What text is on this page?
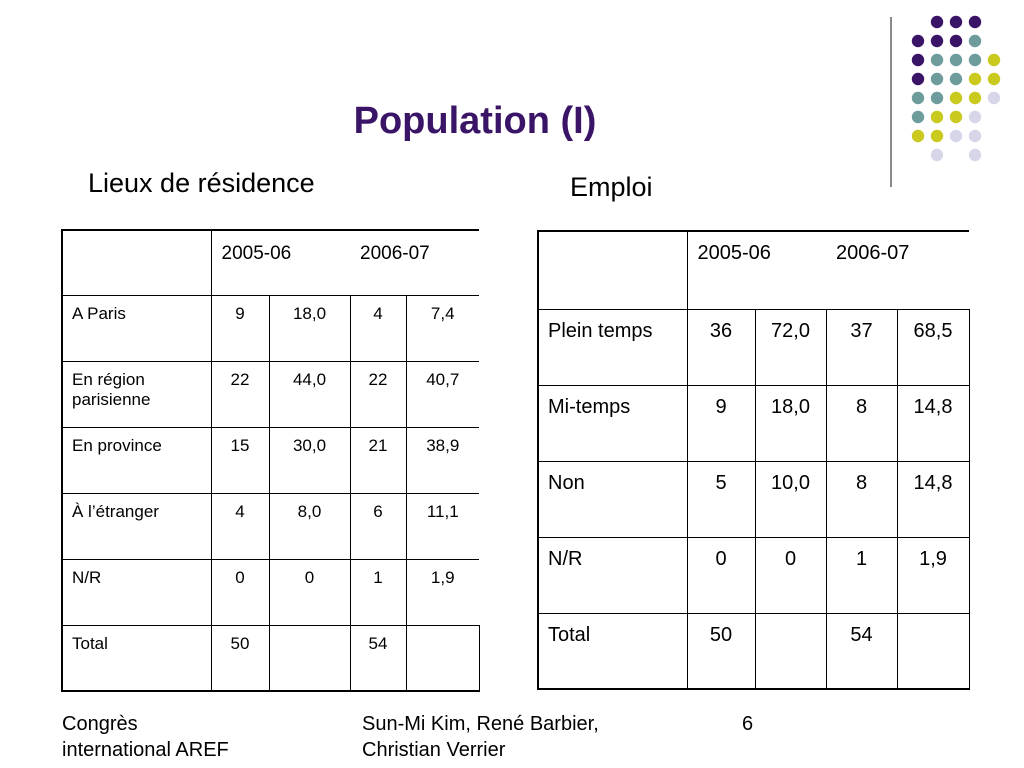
Population (I)
Lieux de résidence	Emploi
	2005-06		2006-07	
A Paris	9	18,0	4	7,4
En région parisienne	22	44,0	22	40,7
En province	15	30,0	21	38,9
À l’étranger	4	8,0	6	11,1
N/R	0	0	1	1,9
Total	50		54	
	2005-06		2006-07	
Plein temps	36	72,0	37	68,5
Mi-temps	9	18,0	8	14,8
Non	5	10,0	8	14,8
N/R	0	0	1	1,9
Total	50		54	
Congrès
international AREF
Sun-Mi Kim, René Barbier,
Christian Verrier
6
